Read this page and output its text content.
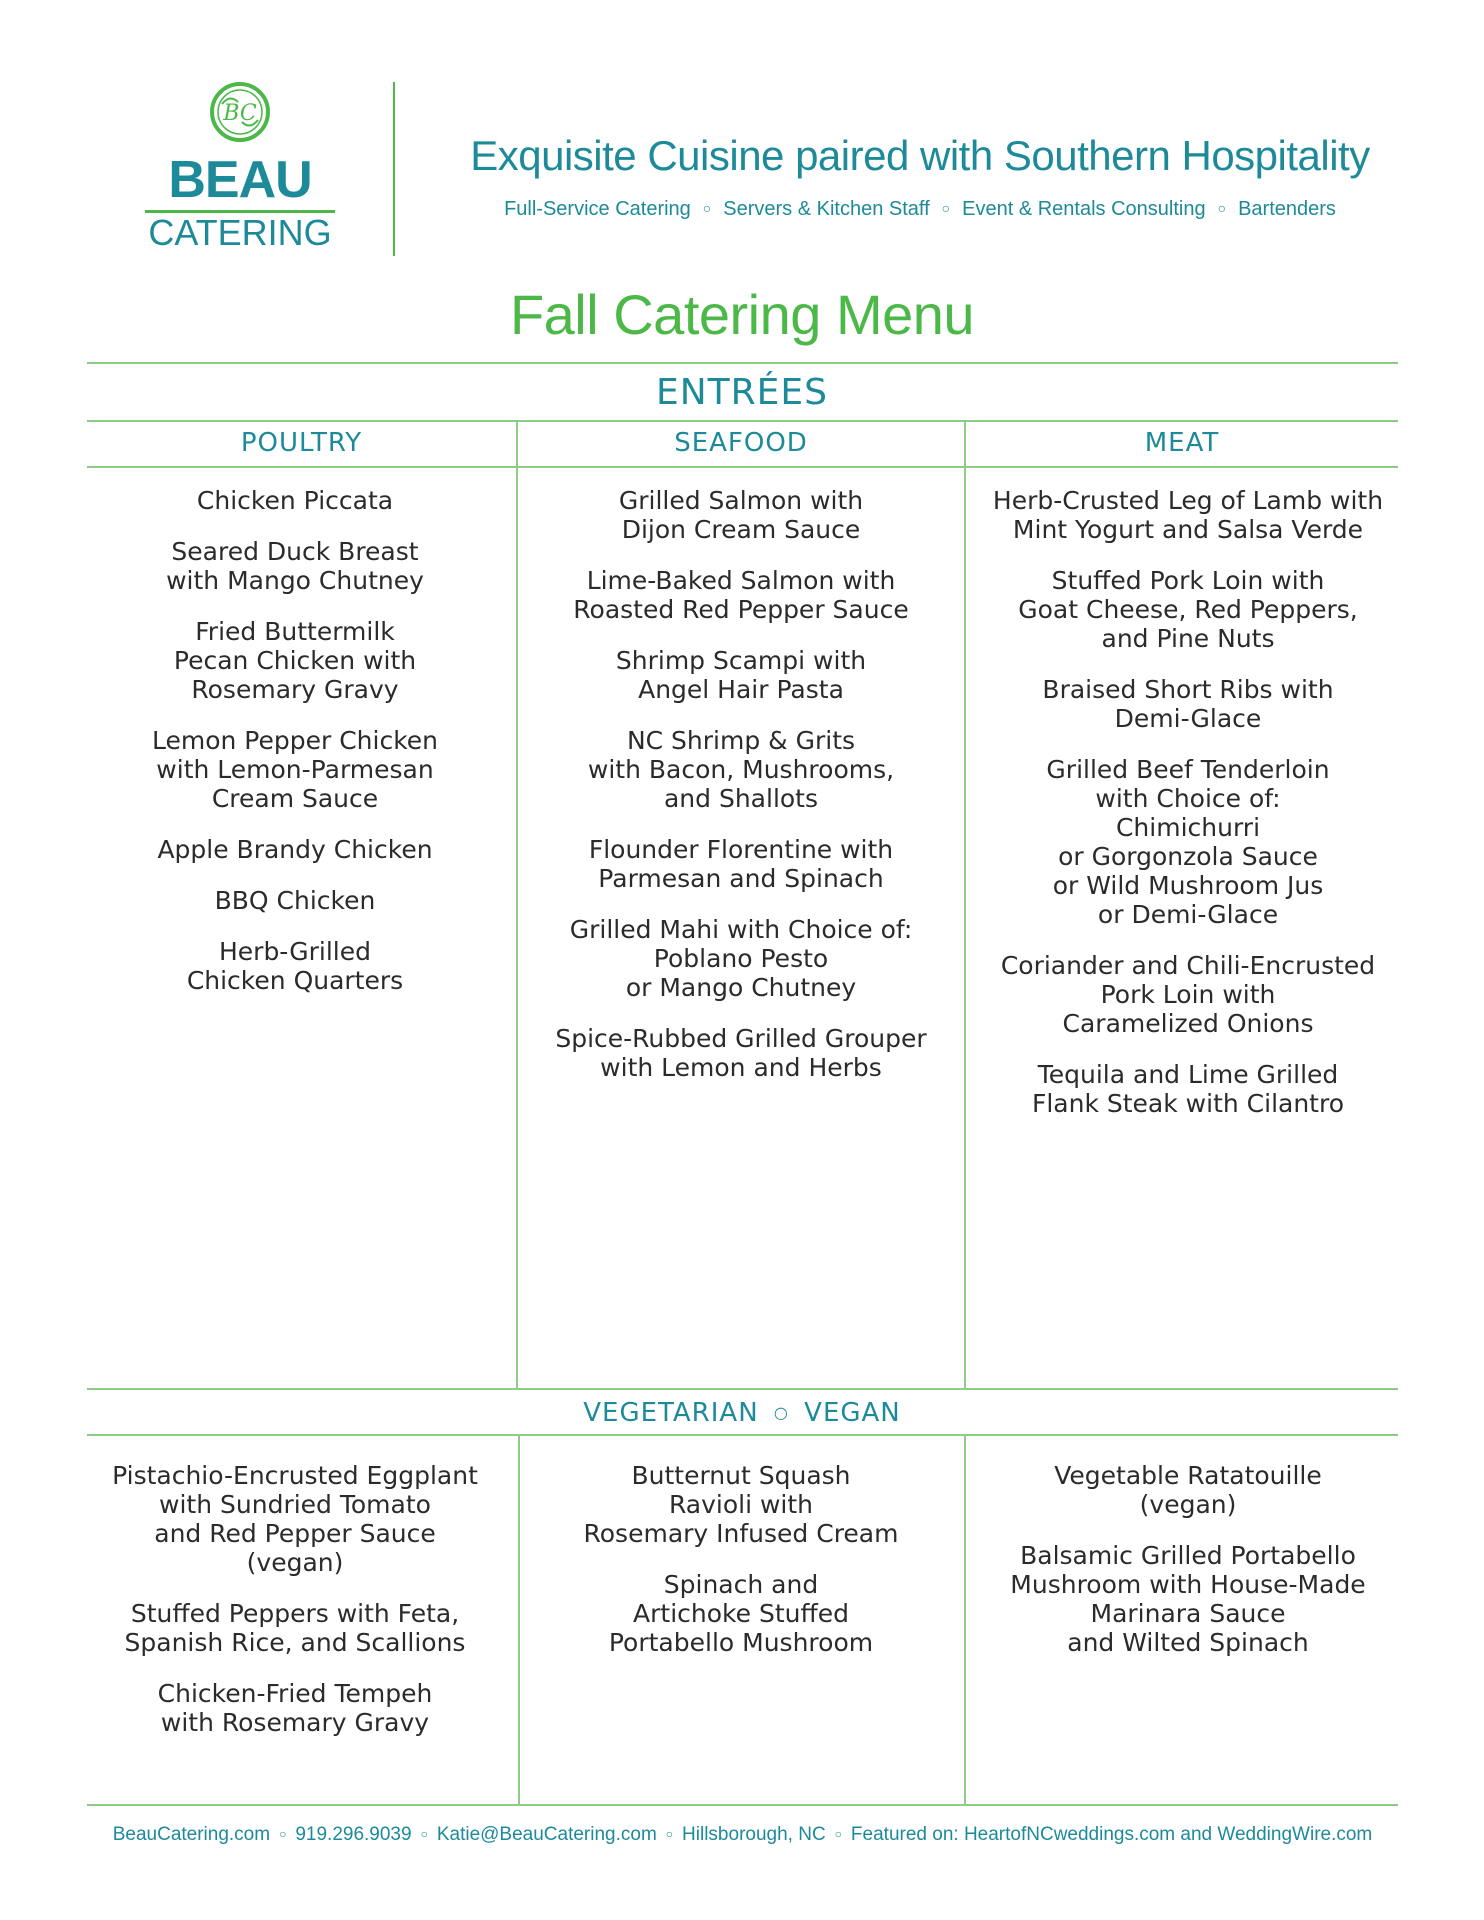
BC
BEAU
CATERING
Exquisite Cuisine paired with Southern Hospitality
Full-Service Catering ○ Servers & Kitchen Staff ○ Event & Rentals Consulting ○ Bartenders
Fall Catering Menu
ENTRÉES
POULTRY	SEAFOOD	MEAT
Chicken Piccata
Seared Duck Breast
with Mango Chutney
Fried Buttermilk
Pecan Chicken with
Rosemary Gravy
Lemon Pepper Chicken
with Lemon-Parmesan
Cream Sauce
Apple Brandy Chicken
BBQ Chicken
Herb-Grilled
Chicken Quarters
Grilled Salmon with
Dijon Cream Sauce
Lime-Baked Salmon with
Roasted Red Pepper Sauce
Shrimp Scampi with
Angel Hair Pasta
NC Shrimp & Grits
with Bacon, Mushrooms,
and Shallots
Flounder Florentine with
Parmesan and Spinach
Grilled Mahi with Choice of:
Poblano Pesto
or Mango Chutney
Spice-Rubbed Grilled Grouper
with Lemon and Herbs
Herb-Crusted Leg of Lamb with
Mint Yogurt and Salsa Verde
Stuffed Pork Loin with
Goat Cheese, Red Peppers,
and Pine Nuts
Braised Short Ribs with
Demi-Glace
Grilled Beef Tenderloin
with Choice of:
Chimichurri
or Gorgonzola Sauce
or Wild Mushroom Jus
or Demi-Glace
Coriander and Chili-Encrusted
Pork Loin with
Caramelized Onions
Tequila and Lime Grilled
Flank Steak with Cilantro
VEGETARIAN ○ VEGAN
Pistachio-Encrusted Eggplant
with Sundried Tomato
and Red Pepper Sauce
(vegan)
Stuffed Peppers with Feta,
Spanish Rice, and Scallions
Chicken-Fried Tempeh
with Rosemary Gravy
Butternut Squash
Ravioli with
Rosemary Infused Cream
Spinach and
Artichoke Stuffed
Portabello Mushroom
Vegetable Ratatouille
(vegan)
Balsamic Grilled Portabello
Mushroom with House-Made
Marinara Sauce
and Wilted Spinach
BeauCatering.com ○ 919.296.9039 ○ Katie@BeauCatering.com ○ Hillsborough, NC ○ Featured on: HeartofNCweddings.com and WeddingWire.com
